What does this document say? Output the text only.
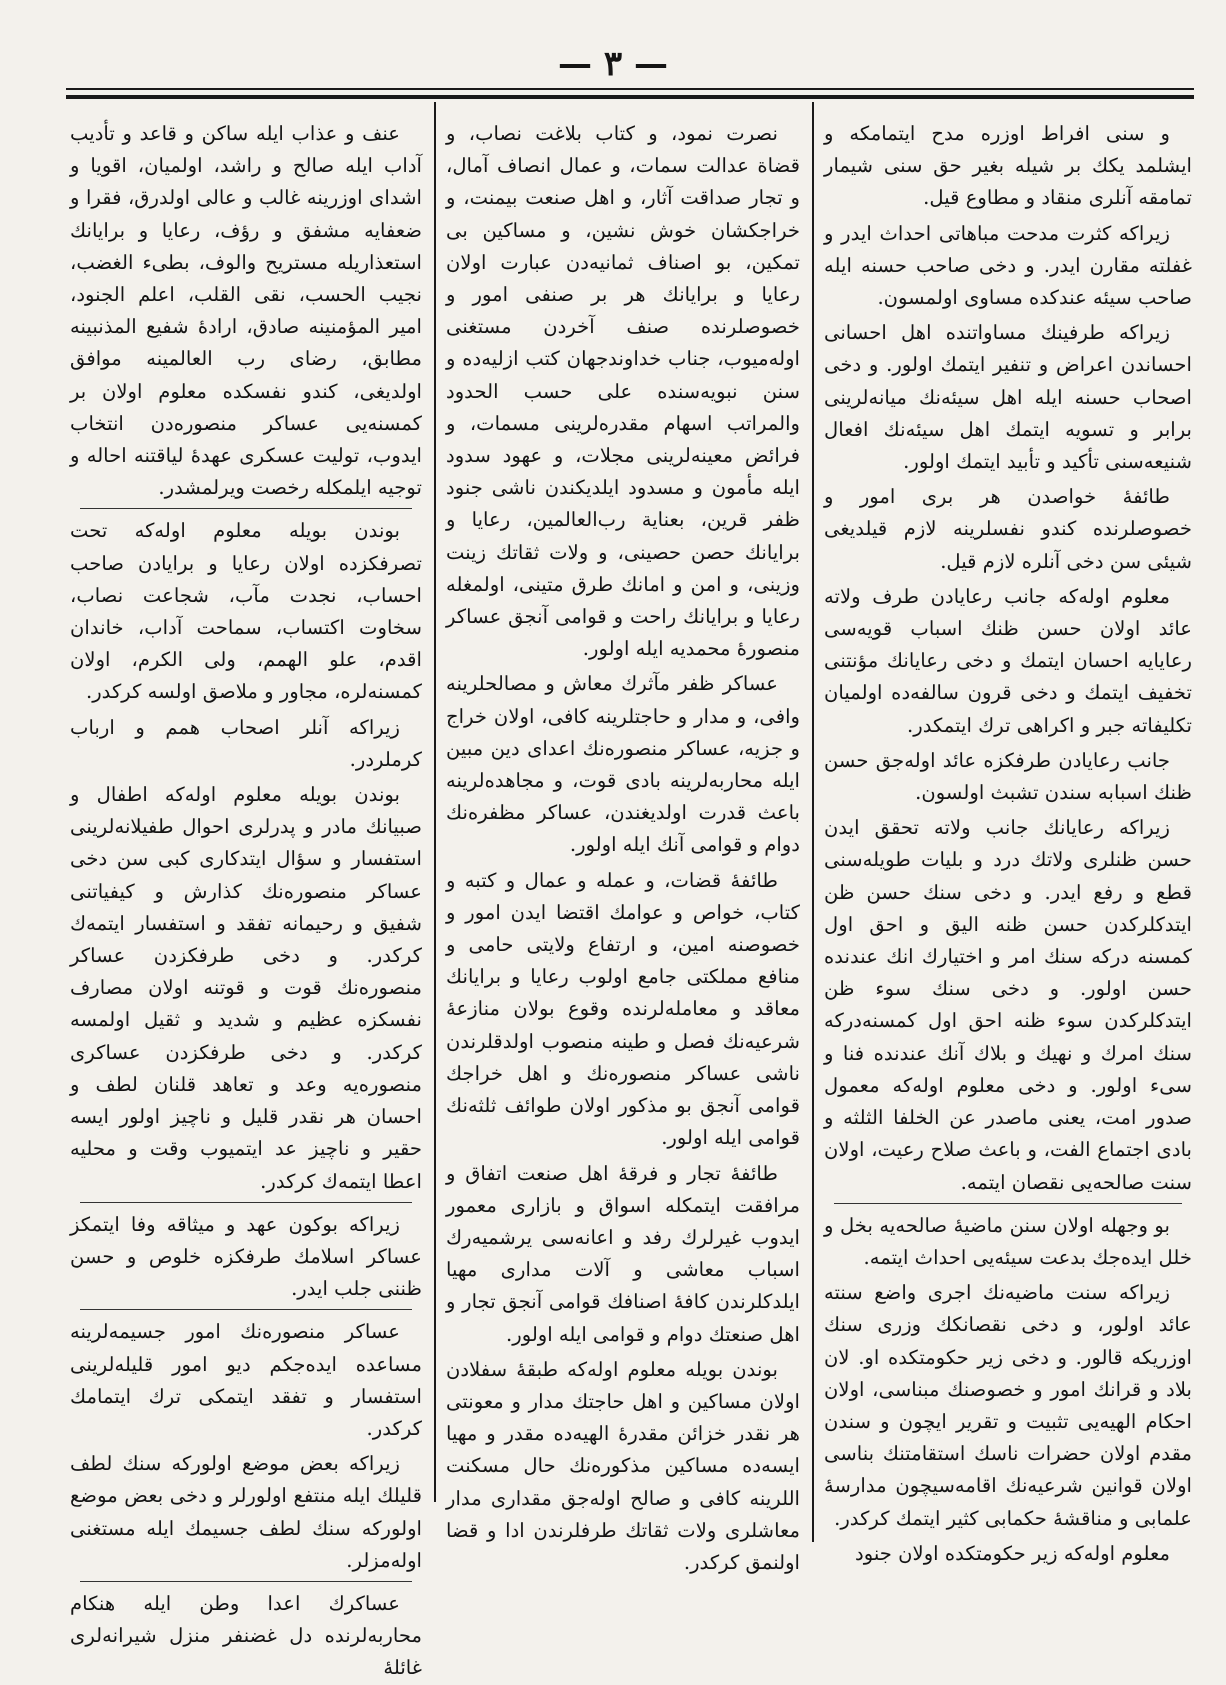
— ٣ —

عنف و عذاب ایله ساکن و قاعد و تأدیب آداب ایله صالح و راشد، اولمیان، اقویا و اشدای اوزرینه غالب و عالی اولدرق، فقرا و ضعفایه مشفق و رؤف، رعایا و برایانك استعذاریله مستریح والوف، بطیء الغضب، نجیب الحسب، نقی القلب، اعلم الجنود، امیر المؤمنینه صادق، ارادهٔ شفیع المذنبینه مطابق، رضای رب العالمینه موافق اولدیغی، کندو نفسکده معلوم اولان بر کمسنه‌یی عساکر منصوره‌دن انتخاب ایدوب، تولیت عسکری عهدهٔ لیاقتنه احاله و توجیه ایلمکله رخصت ویرلمشدر.

بوندن بویله معلوم اوله‌که تحت تصرفکزده اولان رعایا و برایادن صاحب احساب، نجدت مآب، شجاعت نصاب، سخاوت اکتساب، سماحت آداب، خاندان اقدم، علو الهمم، ولی الکرم، اولان کمسنه‌لره، مجاور و ملاصق اولسه کرکدر.

زیراکه آنلر اصحاب همم و ارباب کرملردر.

بوندن بویله معلوم اوله‌که اطفال و صبیانك مادر و پدرلری احوال طفیلانه‌لرینی استفسار و سؤال ایتدکاری کبی سن دخی عساکر منصوره‌نك کذارش و کیفیاتنی شفیق و رحیمانه تفقد و استفسار ایتمه‌ك کرکدر. و دخی طرفکزدن عساکر منصوره‌نك قوت و قوتنه اولان مصارف نفسکزه عظیم و شدید و ثقیل اولمسه کرکدر. و دخی طرفکزدن عساکری منصوره‌یه وعد و تعاهد قلنان لطف و احسان هر نقدر قلیل و ناچیز اولور ایسه حقیر و ناچیز عد ایتمیوب وقت و محلیه اعطا ایتمه‌ك کرکدر.

زیراکه بوکون عهد و میثاقه وفا ایتمکز عساکر اسلامك طرفکزه خلوص و حسن ظننی جلب ایدر.

عساکر منصوره‌نك امور جسیمه‌لرینه مساعده ایده‌جکم دیو امور قلیله‌لرینی استفسار و تفقد ایتمکی ترك ایتمامك کرکدر.

زیراکه بعض موضع اولورکه سنك لطف قلیلك ایله منتفع اولورلر و دخی بعض موضع اولورکه سنك لطف جسیمك ایله مستغنی اوله‌مزلر.

عساکرك اعدا وطن ایله هنکام محاربه‌لرنده دل غضنفر منزل شیرانه‌لری غائلهٔ

نصرت نمود، و کتاب بلاغت نصاب، و قضاة عدالت سمات، و عمال انصاف آمال، و تجار صداقت آثار، و اهل صنعت بیمنت، و خراجکشان خوش نشین، و مساکین بی تمکین، بو اصناف ثمانیه‌دن عبارت اولان رعایا و برایانك هر بر صنفی امور و خصوصلرنده صنف آخردن مستغنی اوله‌میوب، جناب خداوندجهان کتب ازلیه‌ده و سنن نبویه‌سنده علی حسب الحدود والمراتب اسهام مقدره‌لرینی مسمات، و فرائض معینه‌لرینی مجلات، و عهود سدود ایله مأمون و مسدود ایلدیکندن ناشی جنود ظفر قرین، بعنایة رب‌العالمین، رعایا و برایانك حصن حصینی، و ولات ثقاتك زینت وزینی، و امن و امانك طرق متینی، اولمغله رعایا و برایانك راحت و قوامی آنجق عساکر منصورهٔ محمدیه ایله اولور.

عساکر ظفر مآثرك معاش و مصالحلرینه وافی، و مدار و حاجتلرینه کافی، اولان خراج و جزیه، عساکر منصوره‌نك اعدای دین مبین ایله محاربه‌لرینه بادی قوت، و مجاهده‌لرینه باعث قدرت اولدیغندن، عساکر مظفره‌نك دوام و قوامی آنك ایله اولور.

طائفهٔ قضات، و عمله و عمال و کتبه و کتاب، خواص و عوامك اقتضا ایدن امور و خصوصنه امین، و ارتفاع ولایتی حامی و منافع مملکتی جامع اولوب رعایا و برایانك معاقد و معامله‌لرنده وقوع بولان منازعهٔ شرعیه‌نك فصل و طینه منصوب اولدقلرندن ناشی عساکر منصوره‌نك و اهل خراجك قوامی آنجق بو مذکور اولان طوائف ثلثه‌نك قوامی ایله اولور.

طائفهٔ تجار و فرقهٔ اهل صنعت اتفاق و مرافقت ایتمکله اسواق و بازاری معمور ایدوب غیرلرك رفد و اعانه‌سی یرشمیه‌رك اسباب معاشی و آلات مداری مهیا ایلدکلرندن کافهٔ اصنافك قوامی آنجق تجار و اهل صنعتك دوام و قوامی ایله اولور.

بوندن بویله معلوم اوله‌که طبقهٔ سفلادن اولان مساکین و اهل حاجتك مدار و معونتی هر نقدر خزائن مقدرهٔ الهیه‌ده مقدر و مهیا ایسه‌ده مساکین مذکوره‌نك حال مسکنت اللرینه کافی و صالح اوله‌جق مقداری مدار معاشلری ولات ثقاتك طرفلرندن ادا و قضا اولنمق کرکدر.

و سنی افراط اوزره مدح ایتمامکه و ایشلمد یکك بر شیله بغیر حق سنی شیمار تمامقه آنلری منقاد و مطاوع قیل.

زیراکه کثرت مدحت مباهاتی احداث ایدر و غفلته مقارن ایدر. و دخی صاحب حسنه ایله صاحب سیئه عندکده مساوی اولمسون.

زیراکه طرفینك مساواتنده اهل احسانی احساندن اعراض و تنفیر ایتمك اولور. و دخی اصحاب حسنه ایله اهل سیئه‌نك میانه‌لرینی برابر و تسویه ایتمك اهل سیئه‌نك افعال شنیعه‌سنی تأکید و تأبید ایتمك اولور.

طائفهٔ خواصدن هر بری امور و خصوصلرنده کندو نفسلرینه لازم قیلدیغی شیئی سن دخی آنلره لازم قیل.

معلوم اوله‌که جانب رعایادن طرف ولاته عائد اولان حسن ظنك اسباب قویه‌سی رعایایه احسان ایتمك و دخی رعایانك مؤنتنی تخفیف ایتمك و دخی قرون سالفه‌ده اولمیان تکلیفاته جبر و اکراهی ترك ایتمکدر.

جانب رعایادن طرفکزه عائد اوله‌جق حسن ظنك اسبابه سندن تشبث اولسون.

زیراکه رعایانك جانب ولاته تحقق ایدن حسن ظنلری ولاتك درد و بلیات طویله‌سنی قطع و رفع ایدر. و دخی سنك حسن ظن ایتدکلرکدن حسن ظنه الیق و احق اول کمسنه درکه سنك امر و اختیارك انك عندنده حسن اولور. و دخی سنك سوء ظن ایتدکلرکدن سوء ظنه احق اول کمسنه‌درکه سنك امرك و نهیك و بلاك آنك عندنده فنا و سیء اولور. و دخی معلوم اوله‌که معمول صدور امت، یعنی ماصدر عن الخلفا الثلثه و بادی اجتماع الفت، و باعث صلاح رعیت، اولان سنت صالحه‌یی نقصان ایتمه.

بو وجهله اولان سنن ماضیهٔ صالحه‌یه بخل و خلل ایده‌جك بدعت سیئه‌یی احداث ایتمه.

زیراکه سنت ماضیه‌نك اجری واضع سنته عائد اولور، و دخی نقصانکك وزری سنك اوزریکه قالور. و دخی زیر حکومتکده او. لان بلاد و قرانك امور و خصوصنك مبناسی، اولان احکام الهیه‌یی تثبیت و تقریر ایچون و سندن مقدم اولان حضرات ناسك استقامتنك بناسی اولان قوانین شرعیه‌نك اقامه‌سیچون مدارسهٔ علمابی و مناقشهٔ حکمابی کثیر ایتمك کرکدر.

معلوم اوله‌که زیر حکومتکده اولان جنود
